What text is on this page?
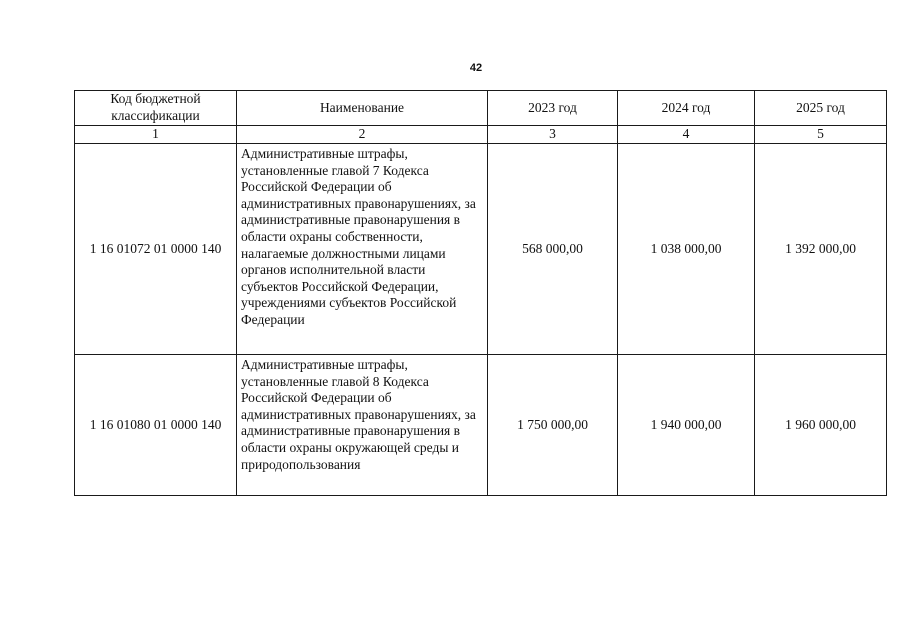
42
Код бюджетной классификации	Наименование	2023 год	2024 год	2025 год
1	2	3	4	5
1 16 01072 01 0000 140	Административные штрафы, установленные главой 7 Кодекса Российской Федерации об административных правонарушениях, за административные правонарушения в области охраны собственности, налагаемые должностными лицами органов исполнительной власти субъектов Российской Федерации, учреждениями субъектов Российской Федерации	568 000,00	1 038 000,00	1 392 000,00
1 16 01080 01 0000 140	Административные штрафы, установленные главой 8 Кодекса Российской Федерации об административных правонарушениях, за административные правонарушения в области охраны окружающей среды и природопользования	1 750 000,00	1 940 000,00	1 960 000,00
